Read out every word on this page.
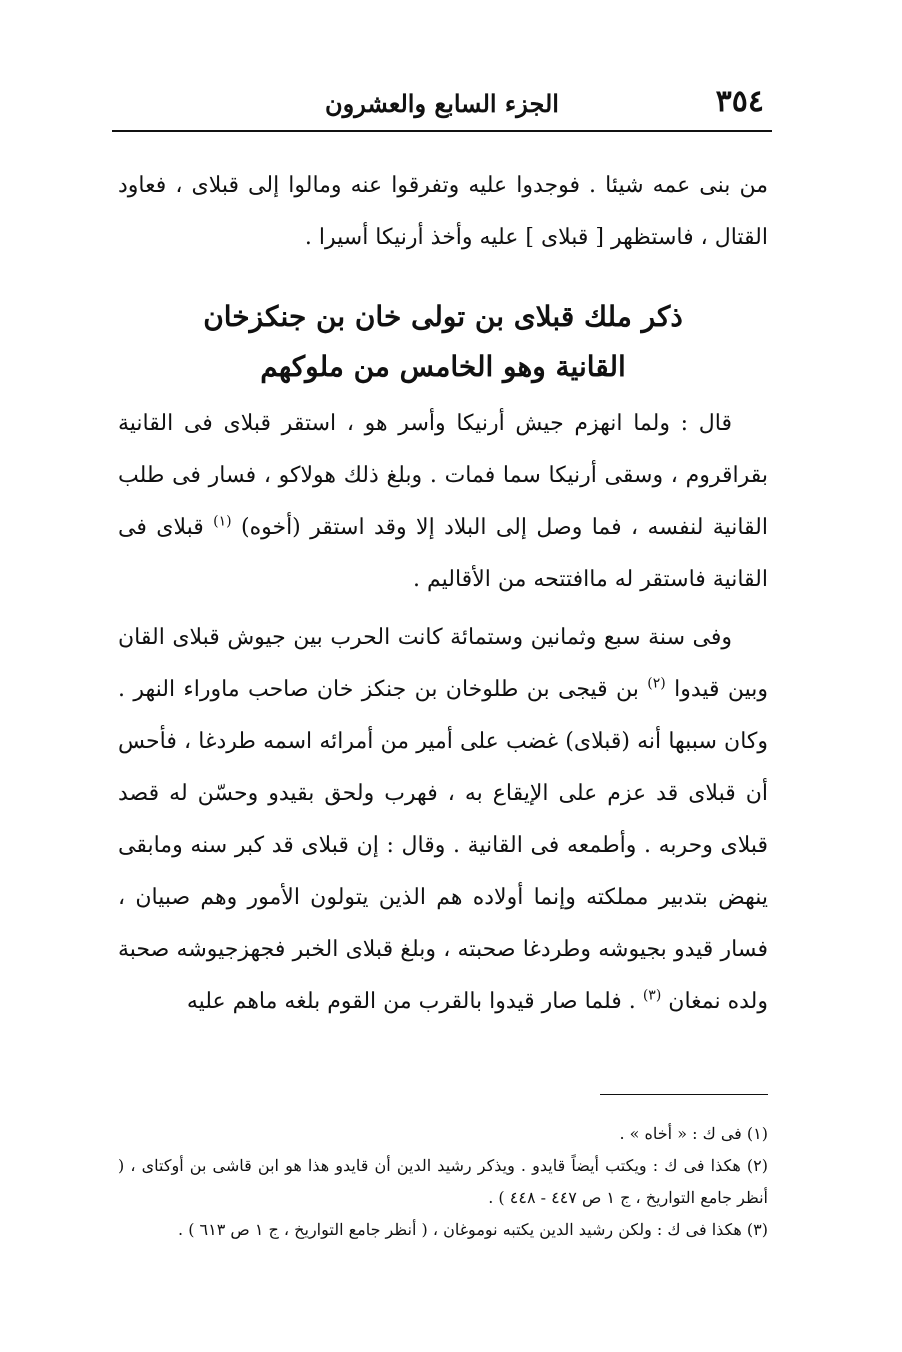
٣٥٤
الجزء السابع والعشرون
من بنى عمه شيئا . فوجدوا عليه وتفرقوا عنه ومالوا إلى قبلاى ، فعاود القتال ، فاستظهر [ قبلاى ] عليه وأخذ أرنيكا أسيرا .
ذكر ملك قبلاى بن تولى خان بن جنكزخان
القانية وهو الخامس من ملوكهم
قال : ولما انهزم جيش أرنيكا وأسر هو ، استقر قبلاى فى القانية بقراقروم ، وسقى أرنيكا سما فمات . وبلغ ذلك هولاكو ، فسار فى طلب القانية لنفسه ، فما وصل إلى البلاد إلا وقد استقر (أخوه) $^{(١)}$ قبلاى فى القانية فاستقر له ماافتتحه من الأقاليم .
وفى سنة سبع وثمانين وستمائة كانت الحرب بين جيوش قبلاى القان وبين قيدوا $^{(٢)}$ بن قيجى بن طلوخان بن جنكز خان صاحب ماوراء النهر . وكان سببها أنه (قبلاى) غضب على أمير من أمرائه اسمه طردغا ، فأحس أن قبلاى قد عزم على الإيقاع به ، فهرب ولحق بقيدو وحسّن له قصد قبلاى وحربه . وأطمعه فى القانية . وقال : إن قبلاى قد كبر سنه ومابقى ينهض بتدبير مملكته وإنما أولاده هم الذين يتولون الأمور وهم صبيان ، فسار قيدو بجيوشه وطردغا صحبته ، وبلغ قبلاى الخبر فجهزجيوشه صحبة ولده نمغان $^{(٣)}$ . فلما صار قيدوا بالقرب من القوم بلغه ماهم عليه

(١) فى ك : « أخاه » .

(٢) هكذا فى ك : ويكتب أيضاً قايدو . ويذكر رشيد الدين أن قايدو هذا هو ابن قاشى بن أوكتاى ، ( أنظر جامع التواريخ ، ج ١ ص ٤٤٧ - ٤٤٨ ) .

(٣) هكذا فى ك : ولكن رشيد الدين يكتبه نوموغان ، ( أنظر جامع التواريخ ، ج ١ ص ٦١٣ ) .
